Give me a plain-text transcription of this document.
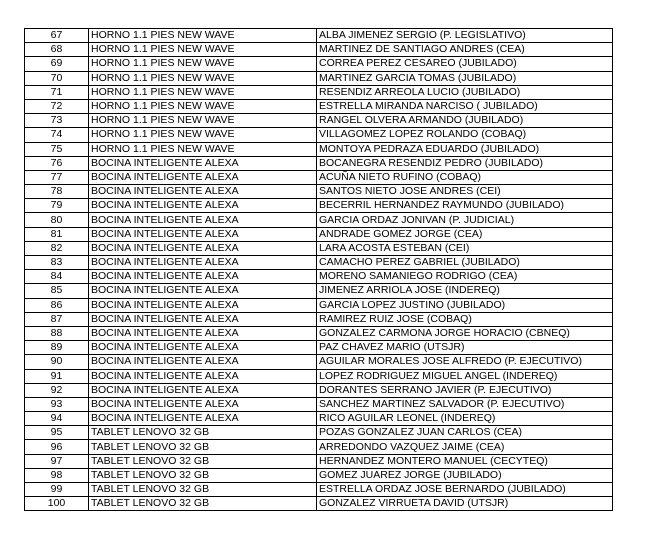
67	HORNO 1.1 PIES NEW WAVE	ALBA JIMENEZ SERGIO (P. LEGISLATIVO)
68	HORNO 1.1 PIES NEW WAVE	MARTINEZ DE SANTIAGO ANDRES (CEA)
69	HORNO 1.1 PIES NEW WAVE	CORREA PEREZ CESAREO (JUBILADO)
70	HORNO 1.1 PIES NEW WAVE	MARTINEZ GARCIA TOMAS (JUBILADO)
71	HORNO 1.1 PIES NEW WAVE	RESENDIZ ARREOLA LUCIO (JUBILADO)
72	HORNO 1.1 PIES NEW WAVE	ESTRELLA MIRANDA NARCISO ( JUBILADO)
73	HORNO 1.1 PIES NEW WAVE	RANGEL OLVERA ARMANDO (JUBILADO)
74	HORNO 1.1 PIES NEW WAVE	VILLAGOMEZ LOPEZ ROLANDO (COBAQ)
75	HORNO 1.1 PIES NEW WAVE	MONTOYA PEDRAZA EDUARDO (JUBILADO)
76	BOCINA INTELIGENTE ALEXA	BOCANEGRA RESENDIZ PEDRO (JUBILADO)
77	BOCINA INTELIGENTE ALEXA	ACUÑA NIETO RUFINO (COBAQ)
78	BOCINA INTELIGENTE ALEXA	SANTOS NIETO JOSE ANDRES (CEI)
79	BOCINA INTELIGENTE ALEXA	BECERRIL HERNANDEZ RAYMUNDO (JUBILADO)
80	BOCINA INTELIGENTE ALEXA	GARCIA ORDAZ JONIVAN (P. JUDICIAL)
81	BOCINA INTELIGENTE ALEXA	ANDRADE GOMEZ JORGE (CEA)
82	BOCINA INTELIGENTE ALEXA	LARA ACOSTA ESTEBAN (CEI)
83	BOCINA INTELIGENTE ALEXA	CAMACHO PEREZ GABRIEL (JUBILADO)
84	BOCINA INTELIGENTE ALEXA	MORENO SAMANIEGO RODRIGO (CEA)
85	BOCINA INTELIGENTE ALEXA	JIMENEZ ARRIOLA JOSE (INDEREQ)
86	BOCINA INTELIGENTE ALEXA	GARCIA LOPEZ JUSTINO (JUBILADO)
87	BOCINA INTELIGENTE ALEXA	RAMIREZ RUIZ JOSE (COBAQ)
88	BOCINA INTELIGENTE ALEXA	GONZALEZ CARMONA JORGE HORACIO (CBNEQ)
89	BOCINA INTELIGENTE ALEXA	PAZ CHAVEZ MARIO (UTSJR)
90	BOCINA INTELIGENTE ALEXA	AGUILAR MORALES JOSE ALFREDO (P. EJECUTIVO)
91	BOCINA INTELIGENTE ALEXA	LOPEZ RODRIGUEZ MIGUEL ANGEL (INDEREQ)
92	BOCINA INTELIGENTE ALEXA	DORANTES SERRANO JAVIER (P. EJECUTIVO)
93	BOCINA INTELIGENTE ALEXA	SANCHEZ MARTINEZ SALVADOR (P. EJECUTIVO)
94	BOCINA INTELIGENTE ALEXA	RICO AGUILAR LEONEL (INDEREQ)
95	TABLET LENOVO 32 GB	POZAS GONZALEZ JUAN CARLOS (CEA)
96	TABLET LENOVO 32 GB	ARREDONDO VAZQUEZ JAIME (CEA)
97	TABLET LENOVO 32 GB	HERNANDEZ MONTERO MANUEL (CECYTEQ)
98	TABLET LENOVO 32 GB	GOMEZ JUAREZ JORGE (JUBILADO)
99	TABLET LENOVO 32 GB	ESTRELLA ORDAZ JOSE BERNARDO (JUBILADO)
100	TABLET LENOVO 32 GB	GONZALEZ VIRRUETA DAVID (UTSJR)
